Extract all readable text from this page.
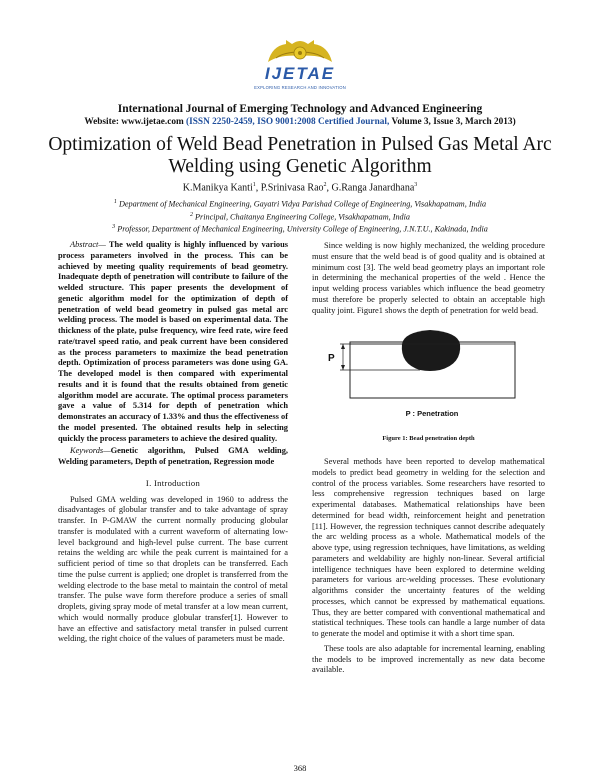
IJETAE
EXPLORING RESEARCH AND INNOVATION
International Journal of Emerging Technology and Advanced Engineering
Website: www.ijetae.com (ISSN 2250-2459, ISO 9001:2008 Certified Journal, Volume 3, Issue 3, March 2013)
Optimization of Weld Bead Penetration in Pulsed Gas Metal Arc Welding using Genetic Algorithm
K.Manikya Kanti$^1$, P.Srinivasa Rao$^2$, G.Ranga Janardhana$^3$
$^1$ Department of Mechanical Engineering, Gayatri Vidya Parishad College of Engineering, Visakhapatnam, India
$^2$ Principal, Chaitanya Engineering College, Visakhapatnam, India
$^3$ Professor, Department of Mechanical Engineering, University College of Engineering, J.N.T.U., Kakinada, India
Abstract— The weld quality is highly influenced by various process parameters involved in the process. This can be achieved by meeting quality requirements of bead geometry. Inadequate depth of penetration will contribute to failure of the welded structure. This paper presents the development of genetic algorithm model for the optimization of depth of penetration of weld bead geometry in pulsed gas metal arc welding process. The model is based on experimental data. The thickness of the plate, pulse frequency, wire feed rate, wire feed rate/travel speed ratio, and peak current have been considered as the process parameters to maximize the bead penetration depth. Optimization of process parameters was done using GA. The developed model is then compared with experimental results and it is found that the results obtained from genetic algorithm model are accurate. The optimal process parameters gave a value of 5.314 for depth of penetration which demonstrates an accuracy of 1.33% and thus the effectiveness of the model presented. The obtained results help in selecting quickly the process parameters to achieve the desired quality.
Keywords—Genetic algorithm, Pulsed GMA welding, Welding parameters, Depth of penetration, Regression mode
I. Introduction
Pulsed GMA welding was developed in 1960 to address the disadvantages of globular transfer and to take advantage of spray transfer. In P-GMAW the current normally producing globular transfer is modulated with a current waveform of alternating low-level background and high-level pulse current. The base current retains the welding arc while the peak current is maintained for a sufficient period of time so that droplets can be transferred. Each time the pulse current is applied; one droplet is transferred from the welding electrode to the base metal to maintain the control of metal transfer. The pulse wave form therefore produce a series of small droplets, giving spray mode of metal transfer at a low mean current, which would normally produce globular transfer[1]. However to have an effective and satisfactory metal transfer in pulsed current welding, the right choice of the values of parameters must be made.
Since welding is now highly mechanized, the welding procedure must ensure that the weld bead is of good quality and is obtained at minimum cost [3]. The weld bead geometry plays an important role in determining the mechanical properties of the weld . Hence the input welding process variables which influence the bead geometry must therefore be properly selected to obtain an acceptable high quality joint. Figure1 shows the depth of penetration for weld bead.
P
P : Penetration
Figure 1: Bead penetration depth
Several methods have been reported to develop mathematical models to predict bead geometry in welding for the selection and control of the process variables. Some researchers have resorted to less comprehensive regression techniques based on large experimental databases. Mathematical relationships have been determined for bead width, reinforcement height and penetration [11]. However, the regression techniques cannot describe adequately the arc welding process as a whole. Mathematical models of the above type, using regression techniques, have limitations, as welding parameters and weldability are highly non-linear. Several artificial intelligence techniques have been explored to determine welding parameters for various arc-welding processes. These evolutionary algorithms consider the uncertainty features of the welding processes, which cannot be expressed by mathematical equations. Thus, they are better compared with conventional mathematical and statistical techniques. These tools can handle a large number of data to generate the model and optimise it with a short time span.
These tools are also adaptable for incremental learning, enabling the models to be improved incrementally as new data become available.
368
